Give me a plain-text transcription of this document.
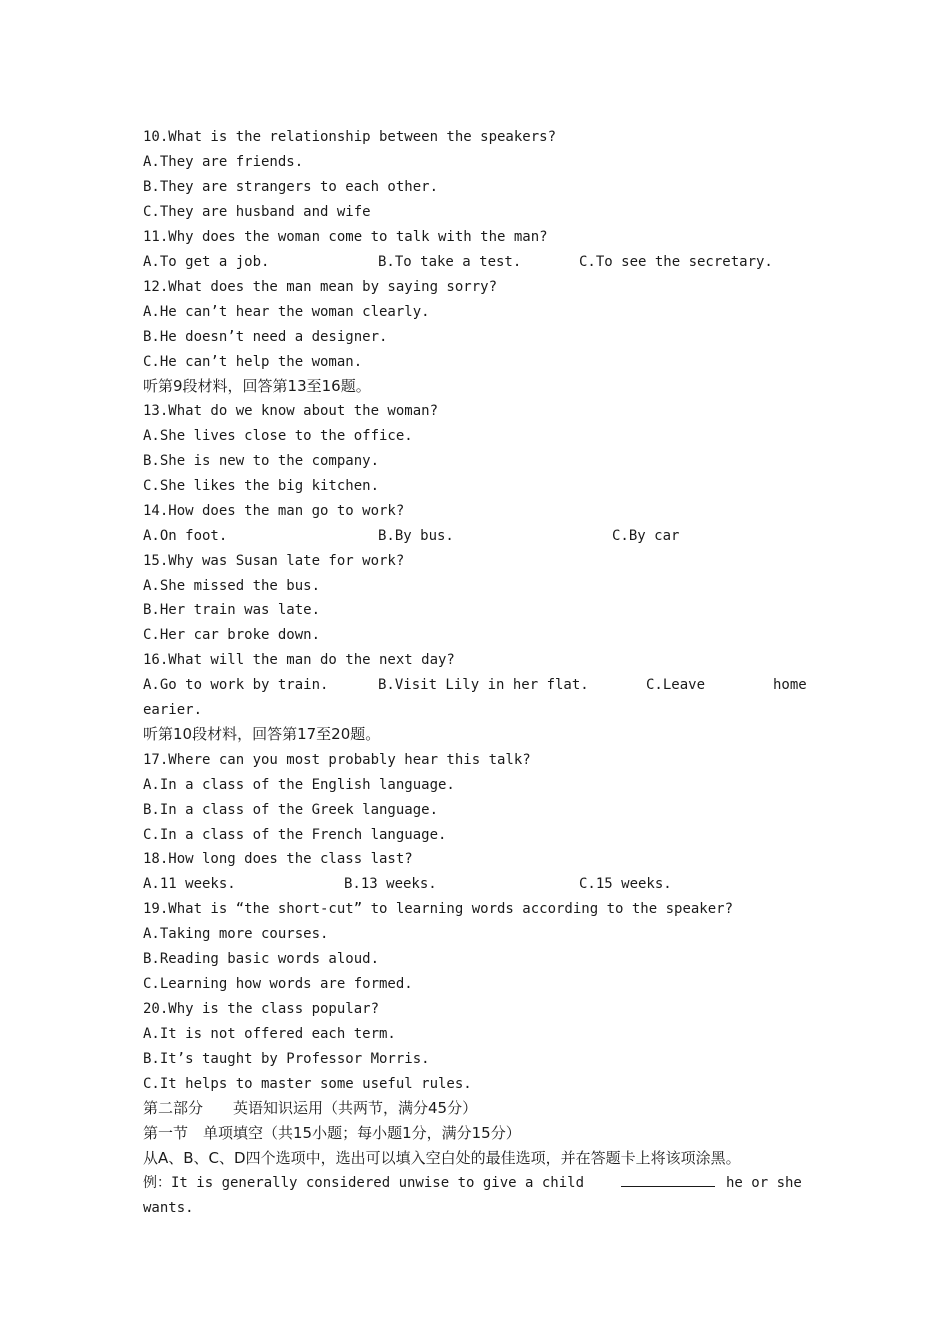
10.What is the relationship between the speakers?
A.They are friends.
B.They are strangers to each other.
C.They are husband and wife
11.Why does the woman come to talk with the man?
A.To get a job.	B.To take a test.	C.To see the secretary.
12.What does the man mean by saying sorry?
A.He can’t hear the woman clearly.
B.He doesn’t need a designer.
C.He can’t help the woman.
听第9段材料，回答第13至16题。
13.What do we know about the woman?
A.She lives close to the office.
B.She is new to the company.
C.She likes the big kitchen.
14.How does the man go to work?
A.On foot.	B.By bus.	C.By car
15.Why was Susan late for work?
A.She missed the bus.
B.Her train was late.
C.Her car broke down.
16.What will the man do the next day?
A.Go to work by train.	B.Visit Lily in her flat.	C.Leave	home
earier.
听第10段材料，回答第17至20题。
17.Where can you most probably hear this talk?
A.In a class of the English language.
B.In a class of the Greek language.
C.In a class of the French language.
18.How long does the class last?
A.11 weeks.	B.13 weeks.	C.15 weeks.
19.What is “the short-cut” to learning words according to the speaker?
A.Taking more courses.
B.Reading basic words aloud.
C.Learning how words are formed.
20.Why is the class popular?
A.It is not offered each term.
B.It’s taught by Professor Morris.
C.It helps to master some useful rules.
第二部分　　英语知识运用（共两节，满分45分）
第一节　单项填空（共15小题；每小题1分，满分15分）
从A、B、C、D四个选项中，选出可以填入空白处的最佳选项，并在答题卡上将该项涂黑。
例：It is generally considered unwise to give a child	he or she
wants.
